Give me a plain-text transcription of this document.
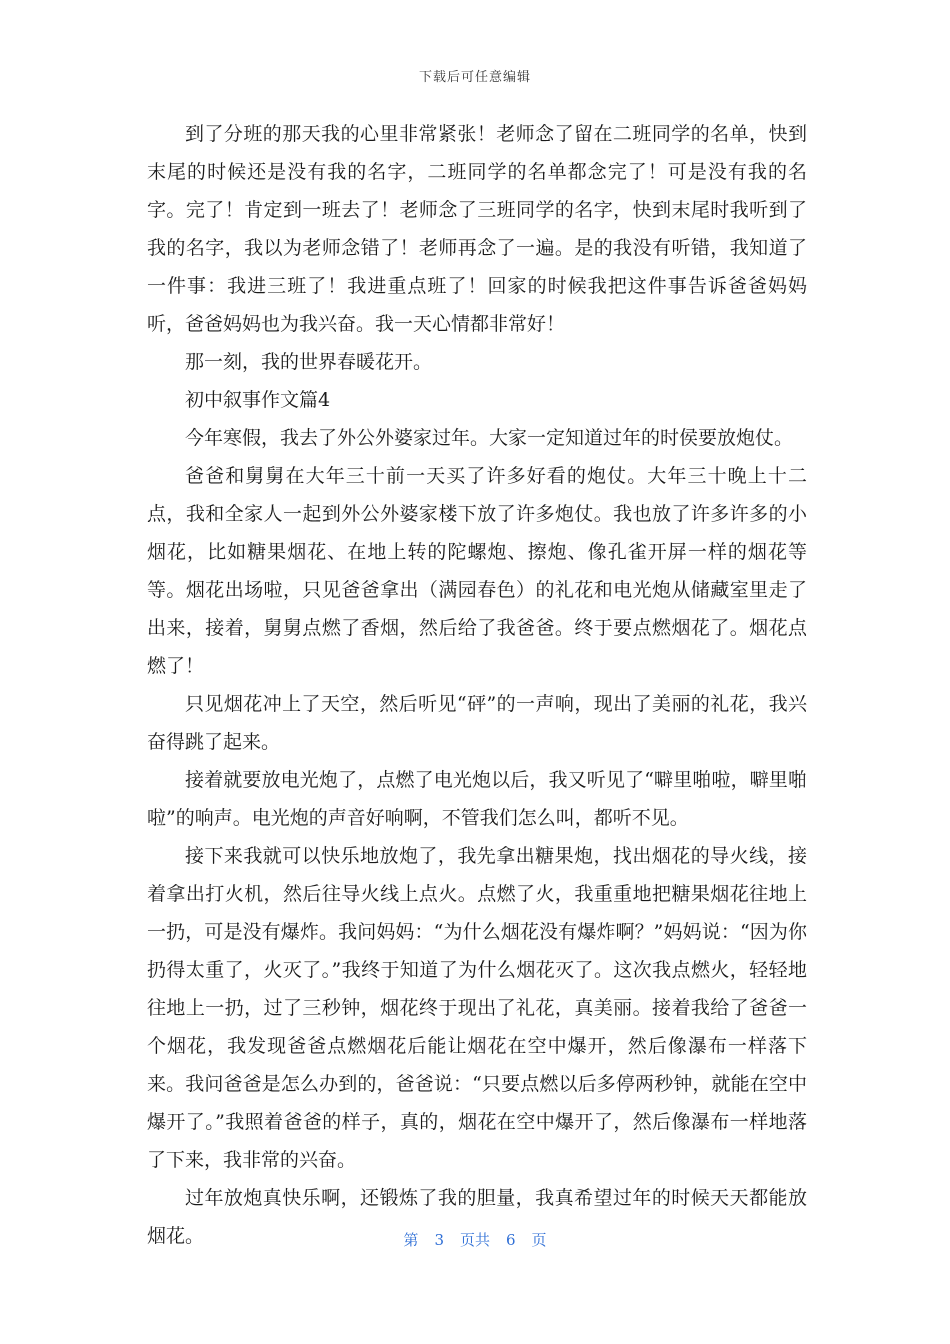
下载后可任意编辑

到了分班的那天我的心里非常紧张！老师念了留在二班同学的名单，快到末尾的时候还是没有我的名字，二班同学的名单都念完了！可是没有我的名字。完了！肯定到一班去了！老师念了三班同学的名字，快到末尾时我听到了我的名字，我以为老师念错了！老师再念了一遍。是的我没有听错，我知道了一件事：我进三班了！我进重点班了！回家的时候我把这件事告诉爸爸妈妈听，爸爸妈妈也为我兴奋。我一天心情都非常好！

那一刻，我的世界春暖花开。

初中叙事作文篇4

今年寒假，我去了外公外婆家过年。大家一定知道过年的时侯要放炮仗。

爸爸和舅舅在大年三十前一天买了许多好看的炮仗。大年三十晚上十二点，我和全家人一起到外公外婆家楼下放了许多炮仗。我也放了许多许多的小烟花，比如糖果烟花、在地上转的陀螺炮、擦炮、像孔雀开屏一样的烟花等等。烟花出场啦，只见爸爸拿出（满园春色）的礼花和电光炮从储藏室里走了出来，接着，舅舅点燃了香烟，然后给了我爸爸。终于要点燃烟花了。烟花点燃了！

只见烟花冲上了天空，然后听见“砰”的一声响，现出了美丽的礼花，我兴奋得跳了起来。

接着就要放电光炮了，点燃了电光炮以后，我又听见了“噼里啪啦，噼里啪啦”的响声。电光炮的声音好响啊，不管我们怎么叫，都听不见。

接下来我就可以快乐地放炮了，我先拿出糖果炮，找出烟花的导火线，接着拿出打火机，然后往导火线上点火。点燃了火，我重重地把糖果烟花往地上一扔，可是没有爆炸。我问妈妈：“为什么烟花没有爆炸啊？”妈妈说：“因为你扔得太重了，火灭了。”我终于知道了为什么烟花灭了。这次我点燃火，轻轻地往地上一扔，过了三秒钟，烟花终于现出了礼花，真美丽。接着我给了爸爸一个烟花，我发现爸爸点燃烟花后能让烟花在空中爆开，然后像瀑布一样落下来。我问爸爸是怎么办到的，爸爸说：“只要点燃以后多停两秒钟，就能在空中爆开了。”我照着爸爸的样子，真的，烟花在空中爆开了，然后像瀑布一样地落了下来，我非常的兴奋。

过年放炮真快乐啊，还锻炼了我的胆量，我真希望过年的时候天天都能放烟花。	第 3 页共 6 页
